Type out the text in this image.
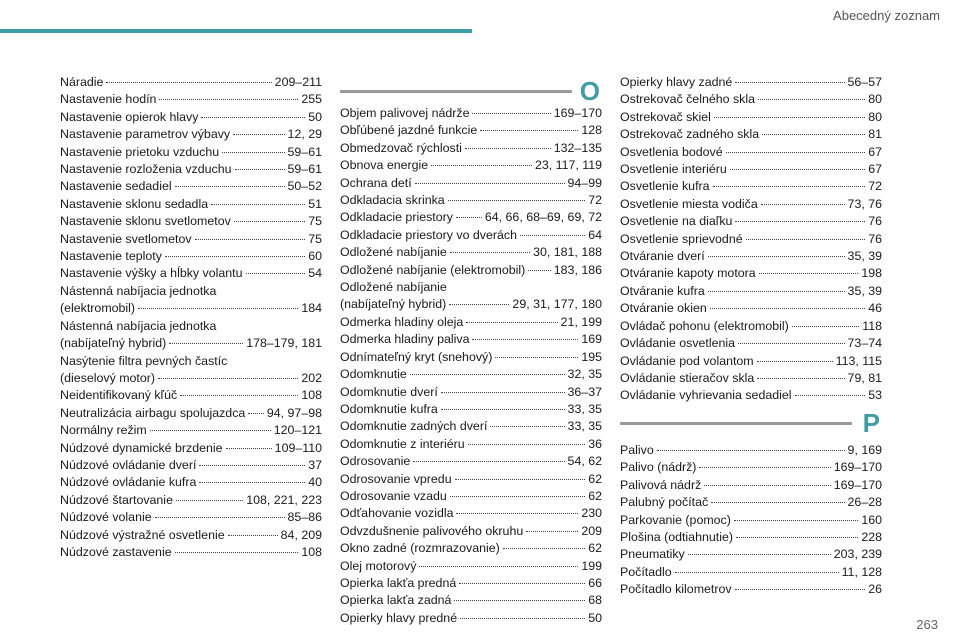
Abecedný zoznam
Náradie	209–211
Nastavenie hodín	255
Nastavenie opierok hlavy	50
Nastavenie parametrov výbavy	12, 29
Nastavenie prietoku vzduchu	59–61
Nastavenie rozloženia vzduchu	59–61
Nastavenie sedadiel	50–52
Nastavenie sklonu sedadla	51
Nastavenie sklonu svetlometov	75
Nastavenie svetlometov	75
Nastavenie teploty	60
Nastavenie výšky a hĺbky volantu	54
Nástenná nabíjacia jednotka
(elektromobil)	184
Nástenná nabíjacia jednotka
(nabíjateľný hybrid)	178–179, 181
Nasýtenie filtra pevných častíc
(dieselový motor)	202
Neidentifikovaný kľúč	108
Neutralizácia airbagu spolujazdca 94, 97–98
Normálny režim	120–121
Núdzové dynamické brzdenie	109–110
Núdzové ovládanie dverí	37
Núdzové ovládanie kufra	40
Núdzové štartovanie	108, 221, 223
Núdzové volanie	85–86
Núdzové výstražné osvetlenie	84, 209
Núdzové zastavenie	108
O
Objem palivovej nádrže	169–170
Obľúbené jazdné funkcie	128
Obmedzovač rýchlosti	132–135
Obnova energie	23, 117, 119
Ochrana detí	94–99
Odkladacia skrinka	72
Odkladacie priestory	64, 66, 68–69, 69, 72
Odkladacie priestory vo dverách	64
Odložené nabíjanie	30, 181, 188
Odložené nabíjanie (elektromobil) 183, 186
Odložené nabíjanie
(nabíjateľný hybrid)	29, 31, 177, 180
Odmerka hladiny oleja	21, 199
Odmerka hladiny paliva	169
Odnímateľný kryt (snehový)	195
Odomknutie	32, 35
Odomknutie dverí	36–37
Odomknutie kufra	33, 35
Odomknutie zadných dverí	33, 35
Odomknutie z interiéru	36
Odrosovanie	54, 62
Odrosovanie vpredu	62
Odrosovanie vzadu	62
Odťahovanie vozidla	230
Odvzdušnenie palivového okruhu	209
Okno zadné (rozmrazovanie)	62
Olej motorový	199
Opierka lakťa predná	66
Opierka lakťa zadná	68
Opierky hlavy predné	50
Opierky hlavy zadné	56–57
Ostrekovač čelného skla	80
Ostrekovač skiel	80
Ostrekovač zadného skla	81
Osvetlenia bodové	67
Osvetlenie interiéru	67
Osvetlenie kufra	72
Osvetlenie miesta vodiča	73, 76
Osvetlenie na diaľku	76
Osvetlenie sprievodné	76
Otváranie dverí	35, 39
Otváranie kapoty motora	198
Otváranie kufra	35, 39
Otváranie okien	46
Ovládač pohonu (elektromobil)	118
Ovládanie osvetlenia	73–74
Ovládanie pod volantom	113, 115
Ovládanie stieračov skla	79, 81
Ovládanie vyhrievania sedadiel	53
P
Palivo	9, 169
Palivo (nádrž)	169–170
Palivová nádrž	169–170
Palubný počítač	26–28
Parkovanie (pomoc)	160
Plošina (odtiahnutie)	228
Pneumatiky	203, 239
Počítadlo	11, 128
Počítadlo kilometrov	26
263
